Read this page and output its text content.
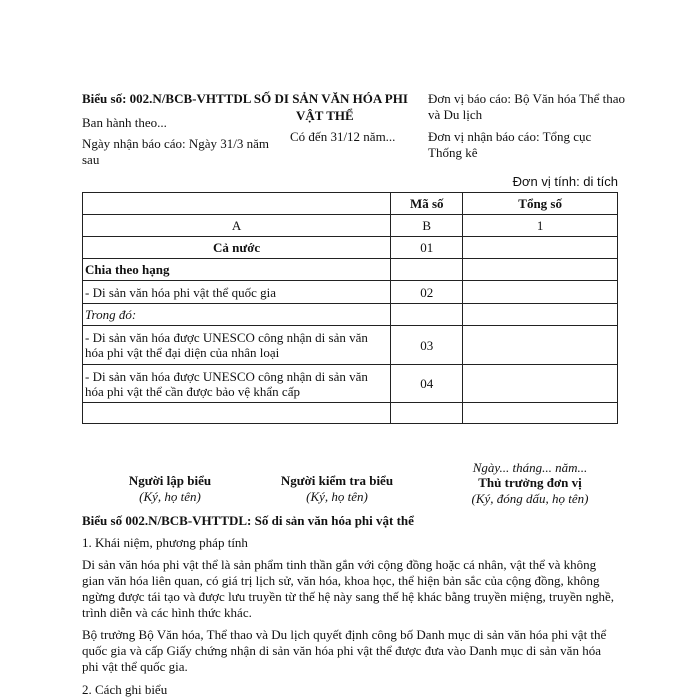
Biểu số: 002.N/BCB-VHTTDL SỐ DI SẢN VĂN HÓA PHI
VẬT THỂ
Đơn vị báo cáo: Bộ Văn hóa Thể thao và Du lịch
Ban hành theo...
Có đến 31/12 năm...
Ngày nhận báo cáo: Ngày 31/3 năm sau
Đơn vị nhận báo cáo: Tổng cục Thống kê
Đơn vị tính: di tích
	Mã số	Tổng số
A	B	1
Cả nước	01	
Chia theo hạng		
- Di sản văn hóa phi vật thể quốc gia	02	
Trong đó:		
- Di sản văn hóa được UNESCO công nhận di sản văn hóa phi vật thể đại diện của nhân loại	03	
- Di sản văn hóa được UNESCO công nhận di sản văn hóa phi vật thể cần được bảo vệ khẩn cấp	04	

Người lập biểu
(Ký, họ tên)
Người kiểm tra biểu
(Ký, họ tên)
Ngày... tháng... năm...
Thủ trưởng đơn vị
(Ký, đóng dấu, họ tên)
Biểu số 002.N/BCB-VHTTDL: Số di sản văn hóa phi vật thể
1. Khái niệm, phương pháp tính

Di sản văn hóa phi vật thể là sản phẩm tinh thần gắn với cộng đồng hoặc cá nhân, vật thể và không gian văn hóa liên quan, có giá trị lịch sử, văn hóa, khoa học, thể hiện bản sắc của cộng đồng, không ngừng được tái tạo và được lưu truyền từ thế hệ này sang thế hệ khác bằng truyền miệng, truyền nghề, trình diễn và các hình thức khác.

Bộ trưởng Bộ Văn hóa, Thể thao và Du lịch quyết định công bố Danh mục di sản văn hóa phi vật thể quốc gia và cấp Giấy chứng nhận di sản văn hóa phi vật thể được đưa vào Danh mục di sản văn hóa phi vật thể quốc gia.

2. Cách ghi biểu
